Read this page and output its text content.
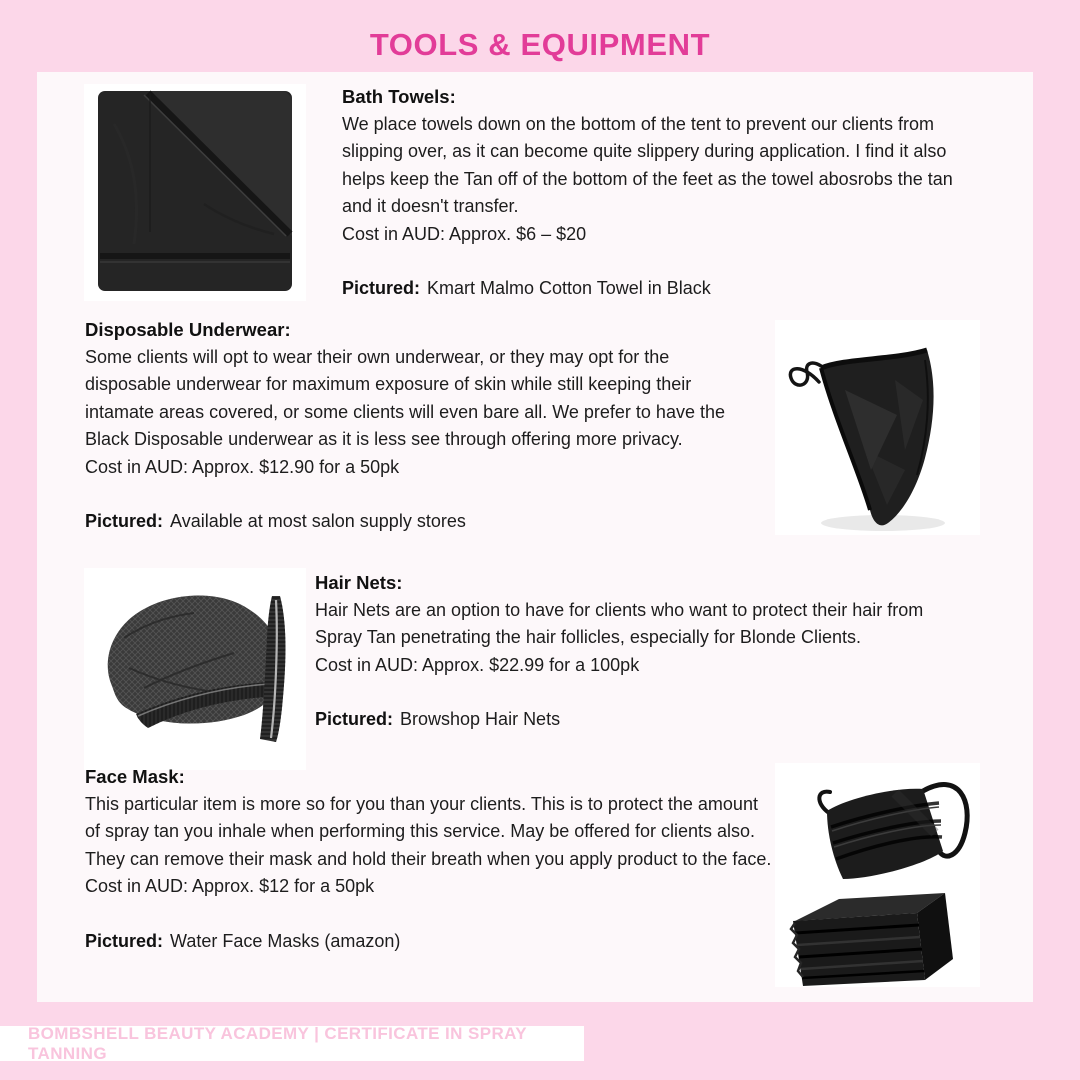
TOOLS & EQUIPMENT
Bath Towels:

We place towels down on the bottom of the tent to prevent our clients from slipping over, as it can become quite slippery during application. I find it also helps keep the Tan off of the bottom of the feet as the towel abosrobs the tan and it doesn't transfer.

Cost in AUD: Approx. $6 – $20

Pictured: Kmart Malmo Cotton Towel in Black

Disposable Underwear:

Some clients will opt to wear their own underwear, or they may opt for the disposable underwear for maximum exposure of skin while still keeping their intamate areas covered, or some clients will even bare all. We prefer to have the Black Disposable underwear as it is less see through offering more privacy.

Cost in AUD: Approx. $12.90 for a 50pk

Pictured: Available at most salon supply stores

Hair Nets:

Hair Nets are an option to have for clients who want to protect their hair from Spray Tan penetrating the hair follicles, especially for Blonde Clients.

Cost in AUD: Approx. $22.99 for a 100pk

Pictured: Browshop Hair Nets

Face Mask:

This particular item is more so for you than your clients. This is to protect the amount of spray tan you inhale when performing this service. May be offered for clients also. They can remove their mask and hold their breath when you apply product to the face.

Cost in AUD: Approx. $12 for a 50pk

Pictured: Water Face Masks (amazon)

BOMBSHELL BEAUTY ACADEMY | CERTIFICATE IN SPRAY TANNING
